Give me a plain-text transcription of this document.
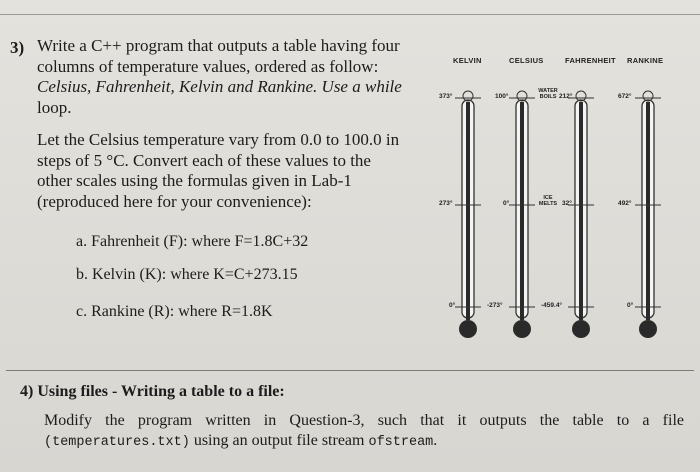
3) Write a C++ program that outputs a table having four

columns of temperature values, ordered as follow:

Celsius, Fahrenheit, Kelvin and Rankine. Use a while

loop.

Let the Celsius temperature vary from 0.0 to 100.0 in

steps of 5 °C. Convert each of these values to the

other scales using the formulas given in Lab-1

(reproduced here for your convenience):

a. Fahrenheit (F): where F=1.8C+32
b. Kelvin (K): where K=C+273.15
c. Rankine (R): where R=1.8K
KELVIN	CELSIUS	FAHRENHEIT RANKINE
373°
273°
0°
100°
0°
-273°
WATER BOILS
ICE MELTS
212°
32°
-459.4°
672°
492°
0°
4) Using files - Writing a table to a file:
Modify the program written in Question-3, such that it outputs the table to a file (temperatures.txt) using an output file stream ofstream.
